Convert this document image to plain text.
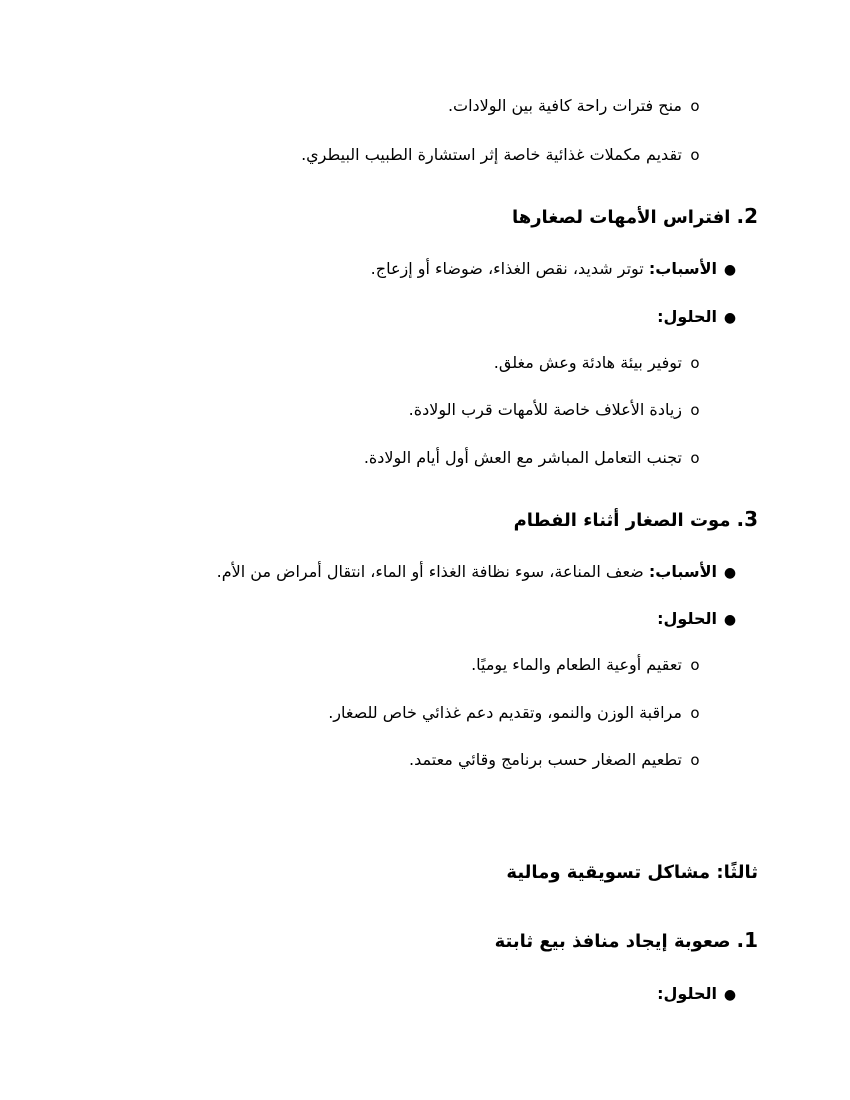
oمنح فترات راحة كافية بين الولادات.
oتقديم مكملات غذائية خاصة إثر استشارة الطبيب البيطري.
2.افتراس الأمهات لصغارها
●الأسباب: توتر شديد، نقص الغذاء، ضوضاء أو إزعاج.
●الحلول:
oتوفير بيئة هادئة وعش مغلق.
oزيادة الأعلاف خاصة للأمهات قرب الولادة.
oتجنب التعامل المباشر مع العش أول أيام الولادة.
3.موت الصغار أثناء الفطام
●الأسباب: ضعف المناعة، سوء نظافة الغذاء أو الماء، انتقال أمراض من الأم.
●الحلول:
oتعقيم أوعية الطعام والماء يوميًا.
oمراقبة الوزن والنمو، وتقديم دعم غذائي خاص للصغار.
oتطعيم الصغار حسب برنامج وقائي معتمد.
ثالثًا: مشاكل تسويقية ومالية
1.صعوبة إيجاد منافذ بيع ثابتة
●الحلول:
